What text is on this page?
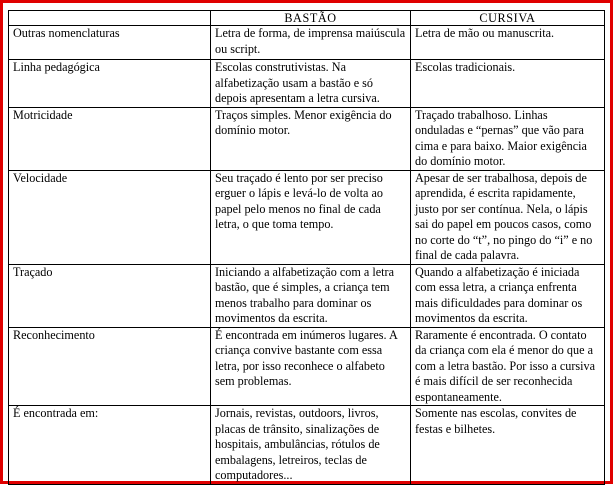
	BASTÃO	CURSIVA
Outras nomenclaturas	Letra de forma, de imprensa maiúscula ou script.	Letra de mão ou manuscrita.
Linha pedagógica	Escolas construtivistas. Na alfabetização usam a bastão e só depois apresentam a letra cursiva.	Escolas tradicionais.
Motricidade	Traços simples. Menor exigência do domínio motor.	Traçado trabalhoso. Linhas onduladas e “pernas” que vão para cima e para baixo. Maior exigência do domínio motor.
Velocidade	Seu traçado é lento por ser preciso erguer o lápis e levá-lo de volta ao papel pelo menos no final de cada letra, o que toma tempo.	Apesar de ser trabalhosa, depois de aprendida, é escrita rapidamente, justo por ser contínua. Nela, o lápis sai do papel em poucos casos, como no corte do “t”, no pingo do “i” e no final de cada palavra.
Traçado	Iniciando a alfabetização com a letra bastão, que é simples, a criança tem menos trabalho para dominar os movimentos da escrita.	Quando a alfabetização é iniciada com essa letra, a criança enfrenta mais dificuldades para dominar os movimentos da escrita.
Reconhecimento	É encontrada em inúmeros lugares. A criança convive bastante com essa letra, por isso reconhece o alfabeto sem problemas.	Raramente é encontrada. O contato da criança com ela é menor do que a com a letra bastão. Por isso a cursiva é mais difícil de ser reconhecida espontaneamente.
É encontrada em:	Jornais, revistas, outdoors, livros, placas de trânsito, sinalizações de hospitais, ambulâncias, rótulos de embalagens, letreiros, teclas de computadores...	Somente nas escolas, convites de festas e bilhetes.
